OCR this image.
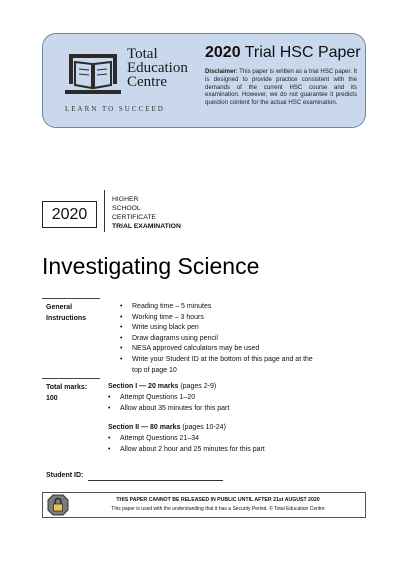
Total
Education
Centre
LEARN TO SUCCEED
2020 Trial HSC Paper
Disclaimer: This paper is written as a trial HSC paper. It is designed to provide practice consistent with the demands of the current HSC course and its examination. However, we do not guarantee it predicts question content for the actual HSC examination.
2020
HIGHER
SCHOOL
CERTIFICATE
TRIAL EXAMINATION
Investigating Science
General
Instructions
• Reading time – 5 minutes
• Working time – 3 hours
• Write using black pen
• Draw diagrams using pencil
• NESA approved calculators may be used
• Write your Student ID at the bottom of this page and at the
top of page 10
Total marks:
100
Section I — 20 marks (pages 2-9)
• Attempt Questions 1–20
• Allow about 35 minutes for this part
Section II — 80 marks (pages 10-24)
• Attempt Questions 21–34
• Allow about 2 hour and 25 minutes for this part
Student ID:
THIS PAPER CANNOT BE RELEASED IN PUBLIC UNTIL AFTER 21st AUGUST 2020
This paper is used with the understanding that it has a Security Period. © Total Education Centre
